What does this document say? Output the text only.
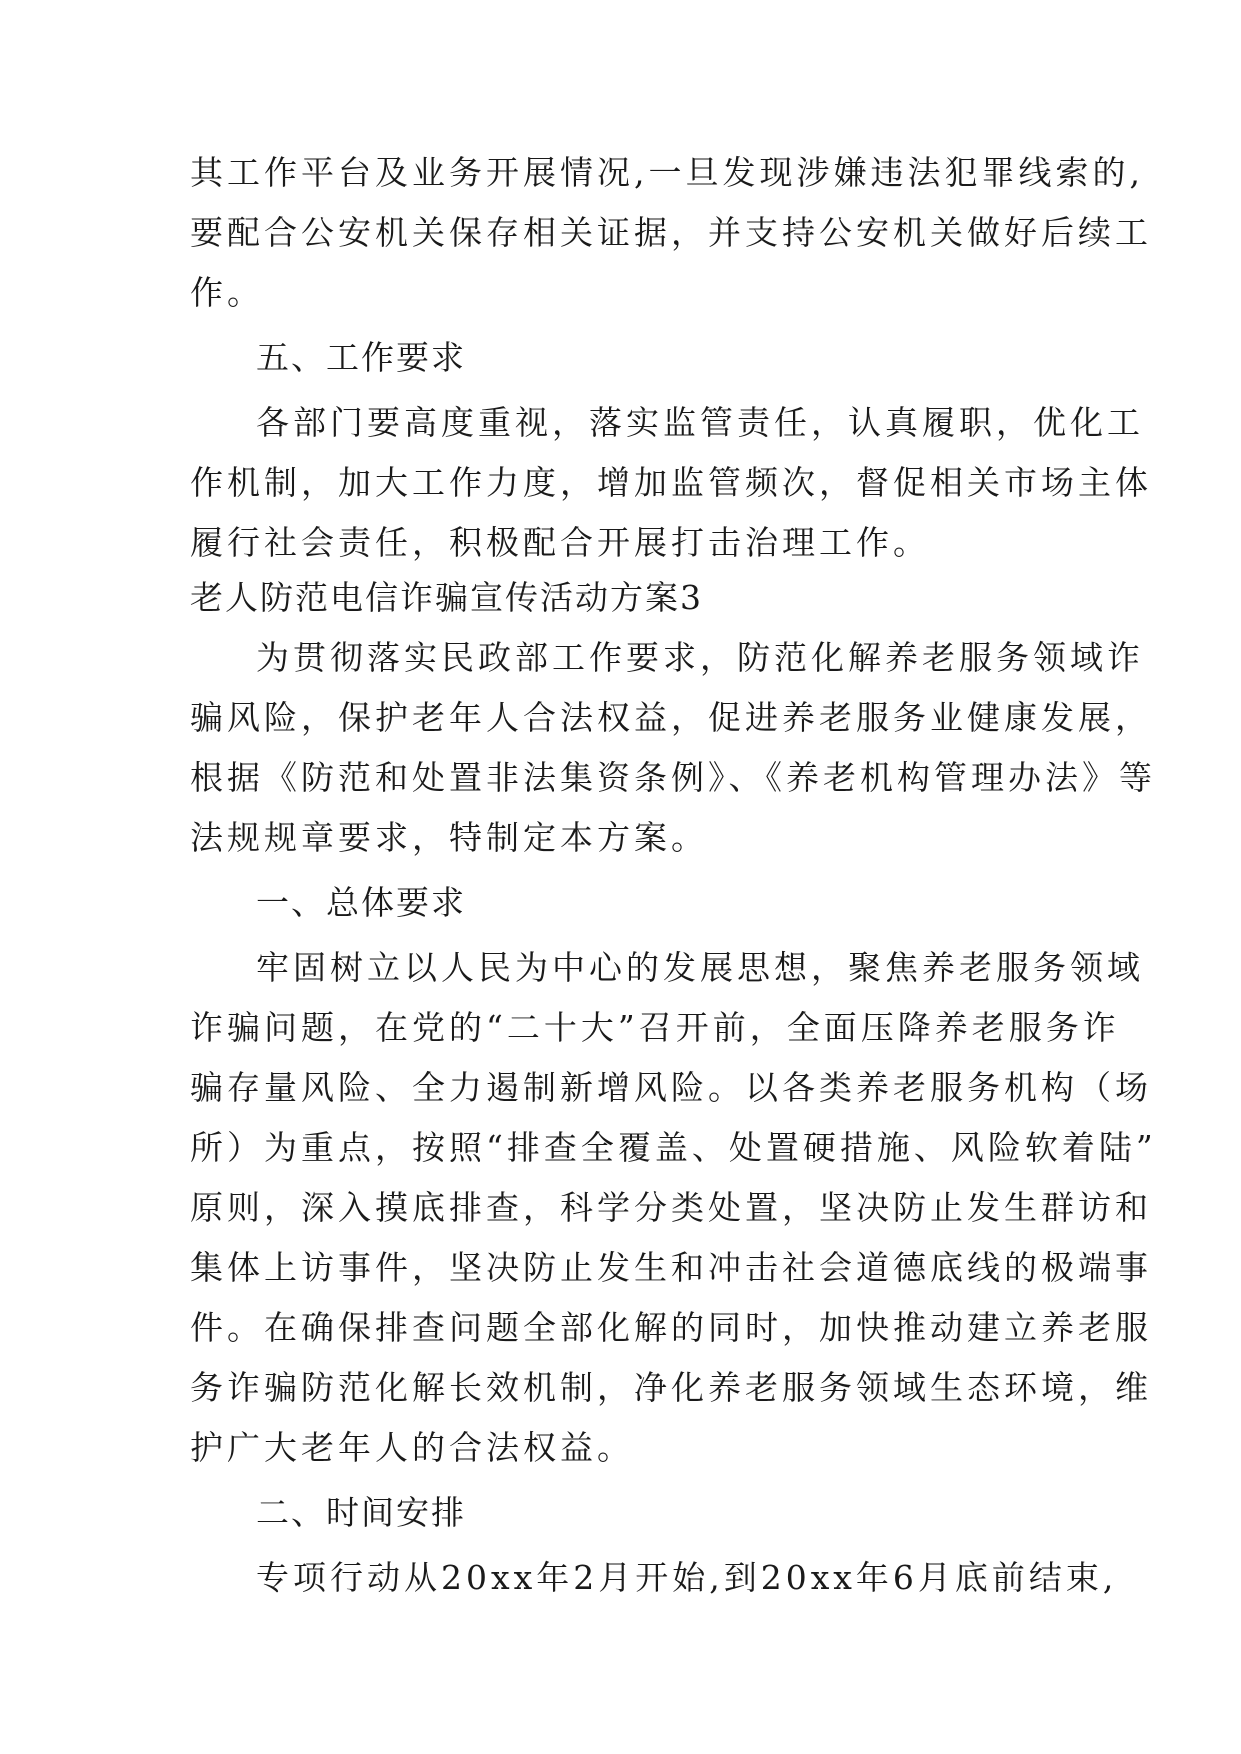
其工作平台及业务开展情况,一旦发现涉嫌违法犯罪线索的,
要配合公安机关保存相关证据，并支持公安机关做好后续工
作。
五、工作要求
各部门要高度重视，落实监管责任，认真履职，优化工
作机制，加大工作力度，增加监管频次，督促相关市场主体
履行社会责任，积极配合开展打击治理工作。
老人防范电信诈骗宣传活动方案3
为贯彻落实民政部工作要求，防范化解养老服务领域诈
骗风险，保护老年人合法权益，促进养老服务业健康发展，
根据《防范和处置非法集资条例》、《养老机构管理办法》等
法规规章要求，特制定本方案。
一、总体要求
牢固树立以人民为中心的发展思想，聚焦养老服务领域
诈骗问题，在党的“二十大”召开前，全面压降养老服务诈
骗存量风险、全力遏制新增风险。以各类养老服务机构（场
所）为重点，按照“排查全覆盖、处置硬措施、风险软着陆”
原则，深入摸底排查，科学分类处置，坚决防止发生群访和
集体上访事件，坚决防止发生和冲击社会道德底线的极端事
件。在确保排查问题全部化解的同时，加快推动建立养老服
务诈骗防范化解长效机制，净化养老服务领域生态环境，维
护广大老年人的合法权益。
二、时间安排
专项行动从20xx年2月开始,到20xx年6月底前结束,
